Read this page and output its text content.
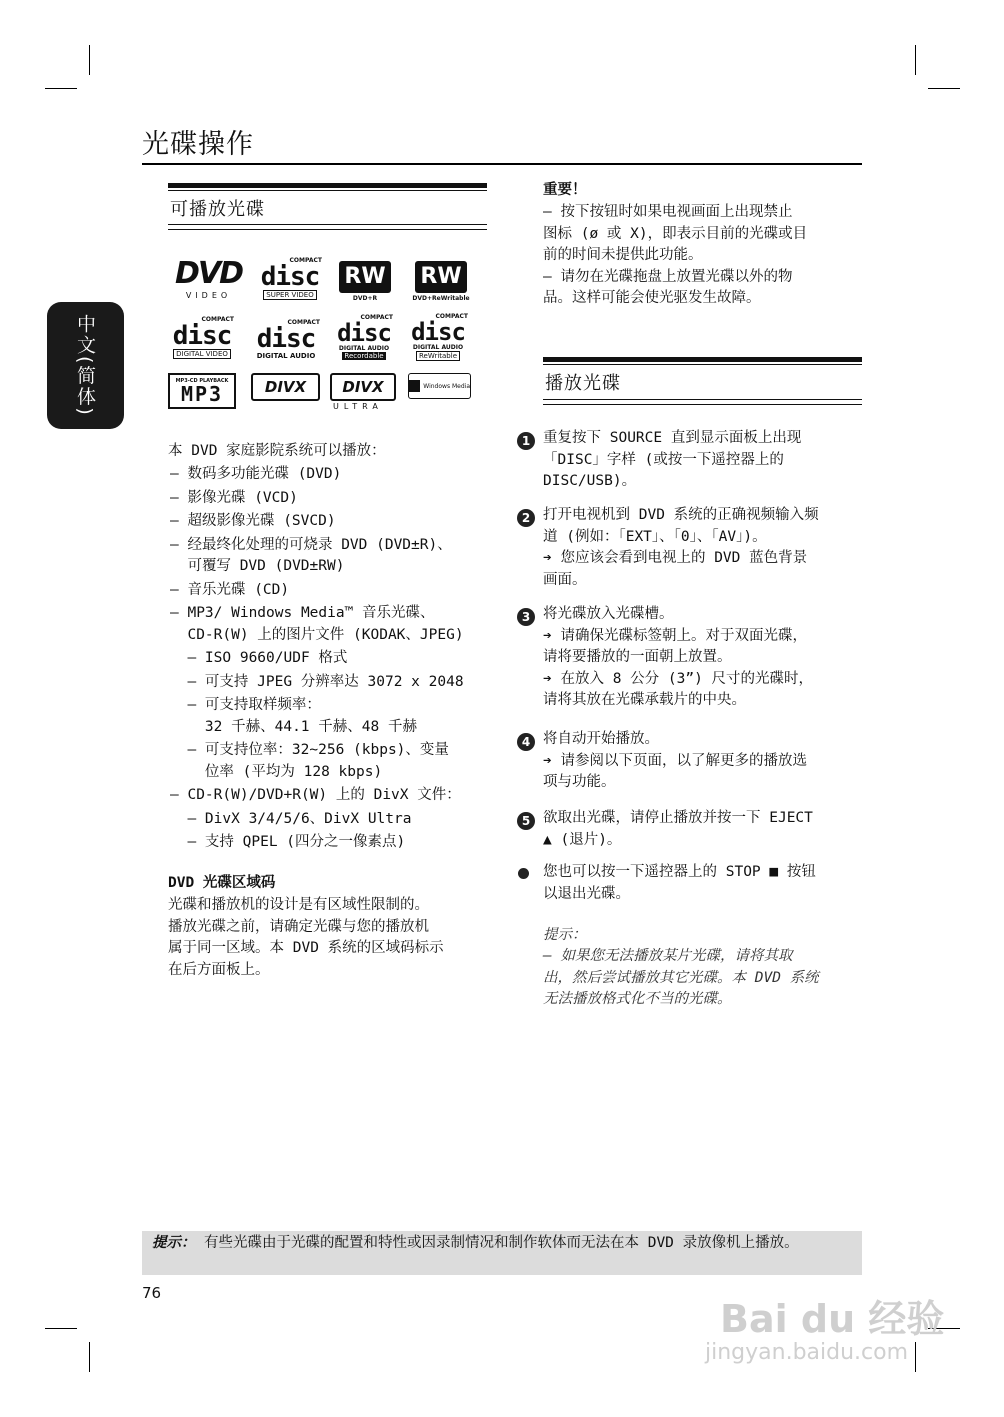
光碟操作
中文(简体)
可播放光碟
DVD
VIDEO
COMPACT
disc
SUPER VIDEO
RW
DVD+R
RW
DVD+ReWritable
COMPACT
disc
DIGITAL VIDEO
COMPACT
disc
DIGITAL AUDIO
COMPACT
disc
DIGITAL AUDIO
Recordable
COMPACT
disc
DIGITAL AUDIO
ReWritable
MP3-CD PLAYBACK
MP3	DIVX DIVX
ULTRA
Windows Media
本 DVD 家庭影院系统可以播放：
– 数码多功能光碟 (DVD)
– 影像光碟 (VCD)
– 超级影像光碟 (SVCD)
– 经最终化处理的可烧录 DVD (DVD±R)、
可覆写 DVD (DVD±RW)
– 音乐光碟 (CD)
– MP3/ Windows Media™ 音乐光碟、
CD-R(W) 上的图片文件 (KODAK、JPEG)
– ISO 9660/UDF 格式
– 可支持 JPEG 分辨率达 3072 x 2048
– 可支持取样频率：
32 千赫、44.1 千赫、48 千赫
– 可支持位率：32~256 (kbps)、变量
位率 (平均为 128 kbps)
– CD-R(W)/DVD+R(W) 上的 DivX 文件：
– DivX 3/4/5/6、DivX Ultra
– 支持 QPEL (四分之一像素点)
DVD 光碟区域码
光碟和播放机的设计是有区域性限制的。
播放光碟之前，请确定光碟与您的播放机
属于同一区域。本 DVD 系统的区域码标示
在后方面板上。
重要！
– 按下按钮时如果电视画面上出现禁止
图标 (ø 或 X)，即表示目前的光碟或目
前的时间未提供此功能。
– 请勿在光碟拖盘上放置光碟以外的物
品。这样可能会使光驱发生故障。
播放光碟
1 重复按下 SOURCE 直到显示面板上出现
「DISC」字样 (或按一下遥控器上的
DISC/USB)。
2 打开电视机到 DVD 系统的正确视频输入频
道 (例如：「EXT」、「0」、「AV」)。
➔ 您应该会看到电视上的 DVD 蓝色背景
画面。
3 将光碟放入光碟槽。
➔ 请确保光碟标签朝上。对于双面光碟，
请将要播放的一面朝上放置。
➔ 在放入 8 公分 (3”) 尺寸的光碟时，
请将其放在光碟承载片的中央。
4 将自动开始播放。
➔ 请参阅以下页面，以了解更多的播放选
项与功能。
5 欲取出光碟，请停止播放并按一下 EJECT
▲ (退片)。
您也可以按一下遥控器上的 STOP ■ 按钮
以退出光碟。
提示：
– 如果您无法播放某片光碟，请将其取
出，然后尝试播放其它光碟。本 DVD 系统
无法播放格式化不当的光碟。
提示： 有些光碟由于光碟的配置和特性或因录制情况和制作软体而无法在本 DVD 录放像机上播放。
76
Bai du 经验
jingyan.baidu.com
